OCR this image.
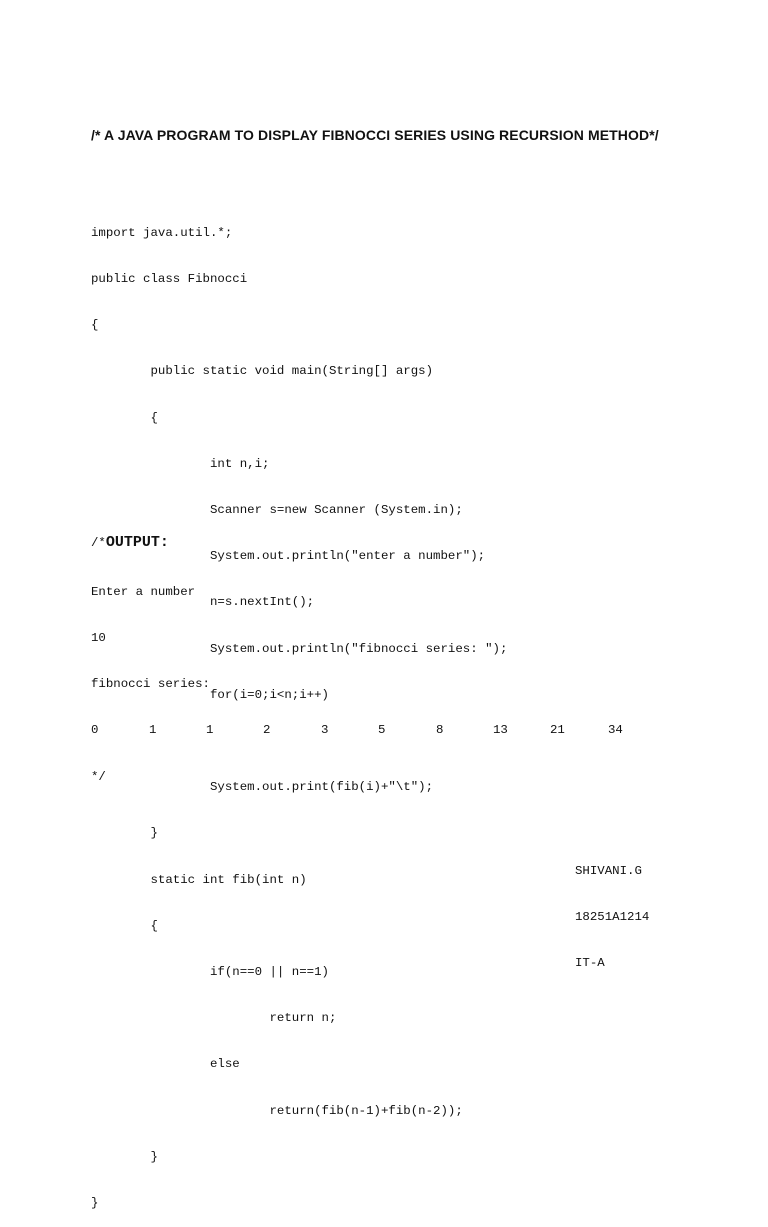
/* A JAVA PROGRAM TO DISPLAY FIBNOCCI SERIES USING RECURSION METHOD*/

import java.util.*;

public class Fibnocci

{

public static void main(String[] args)

{

int n,i;

Scanner s=new Scanner (System.in);

System.out.println("enter a number");

n=s.nextInt();

System.out.println("fibnocci series: ");

for(i=0;i<n;i++)

System.out.print(fib(i)+"\t");

}

static int fib(int n)

{

if(n==0 || n==1)

return n;

else

return(fib(n-1)+fib(n-2));

}

}

/*OUTPUT:

Enter a number

10

fibnocci series:

0

	1

	1

	2

	3

	5

	8

	13

	21

	34

*/

SHIVANI.G

18251A1214

IT-A
